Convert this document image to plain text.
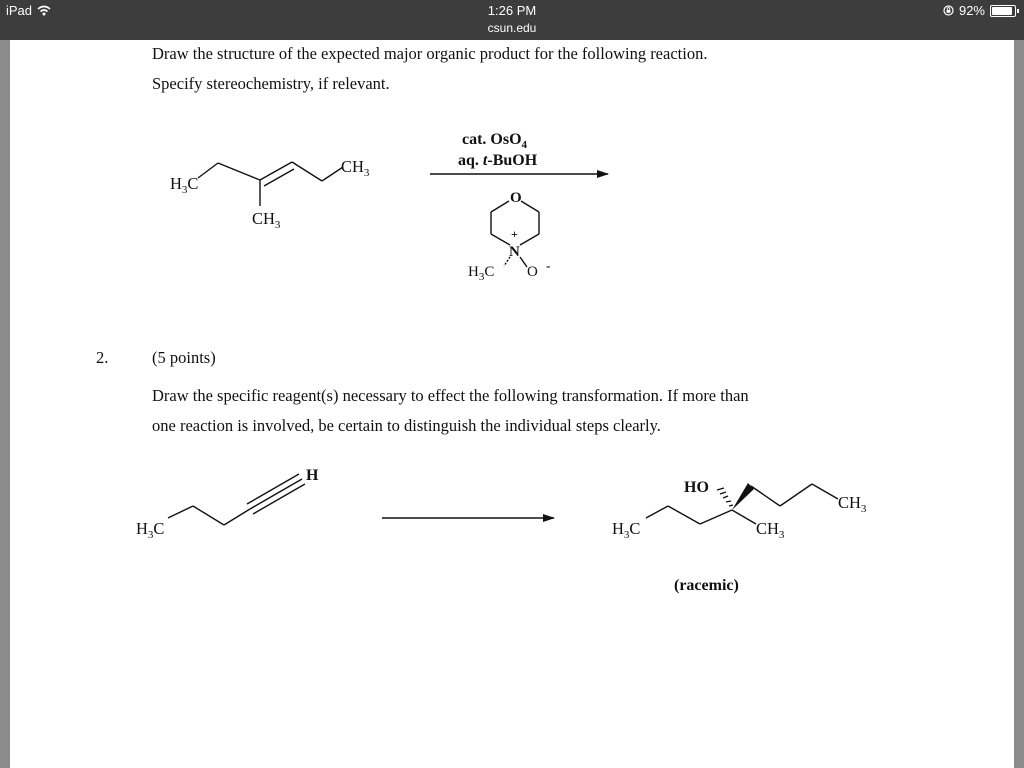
iPad	1:26 PM	92%
csun.edu
Draw the structure of the expected major organic product for the following reaction.
Specify stereochemistry, if relevant.
2.	(5 points)
Draw the specific reagent(s) necessary to effect the following transformation. If more than
one reaction is involved, be certain to distinguish the individual steps clearly.
$H_3C$
$CH_3$
$CH_3$
cat. OsO$_4$
aq. t-BuOH
O
+
N
$H_3C$ O -
$H_3C$
H
$H_3C$
HO
$CH_3$
$CH_3$
(racemic)
